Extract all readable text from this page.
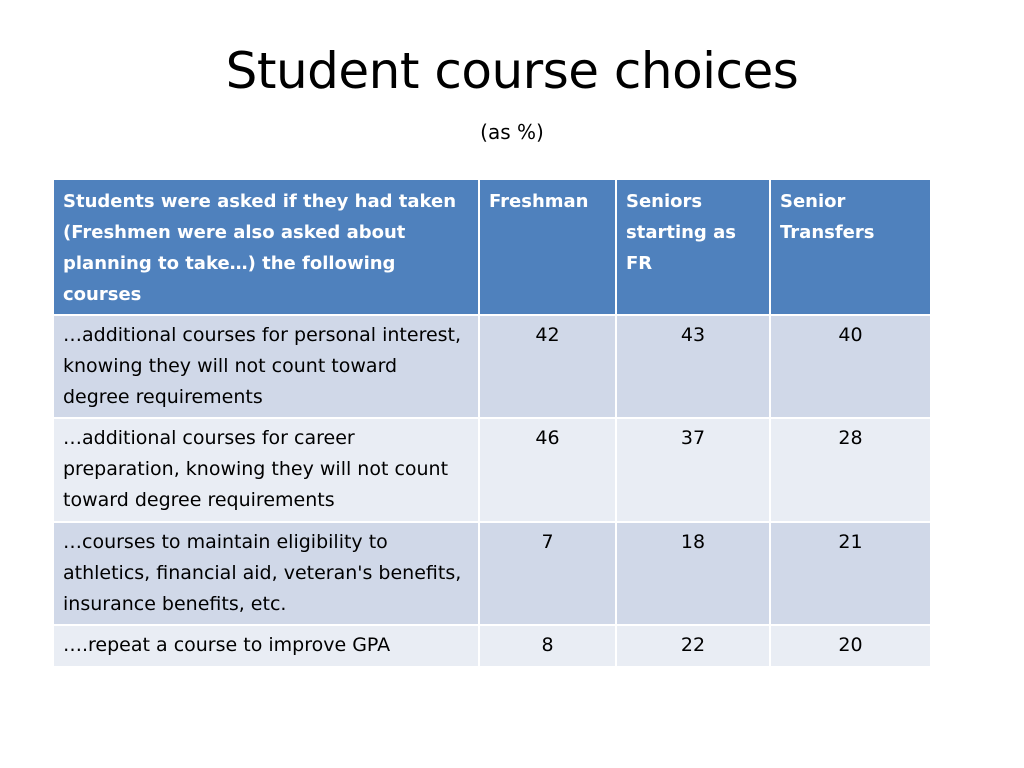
Student course choices
(as %)
Students were asked if they had taken (Freshmen were also asked about planning to take…) the following courses	Freshman	Seniors starting as FR	Senior Transfers
…additional courses for personal interest, knowing they will not count toward degree requirements	42	43	40
…additional courses for career preparation, knowing they will not count toward degree requirements	46	37	28
…courses to maintain eligibility to athletics, financial aid, veteran's benefits, insurance benefits, etc.	7	18	21
….repeat a course to improve GPA	8	22	20
